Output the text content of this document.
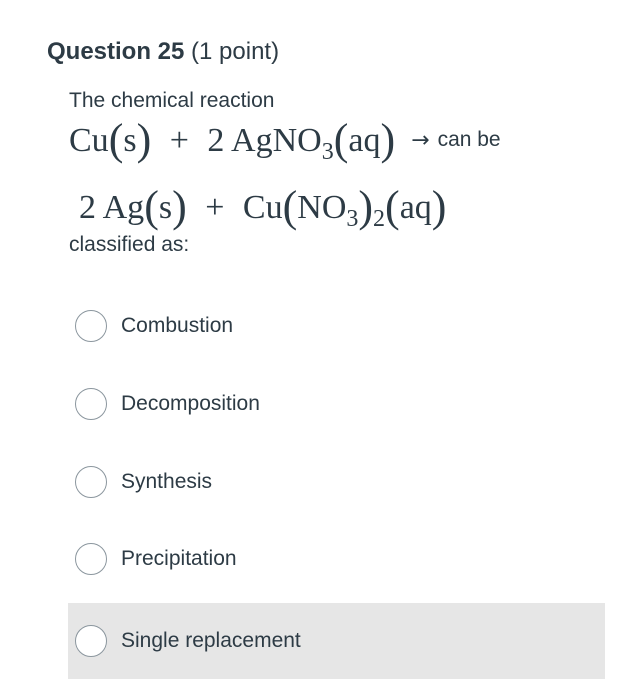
Question 25 (1 point)
The chemical reaction
Cu(s) + 2 AgNO$_3$(aq) → can be
2 $Ag(s) + Cu(NO_3)_2(aq)$
classified as:
Combustion
Decomposition
Synthesis
Precipitation
Single replacement
